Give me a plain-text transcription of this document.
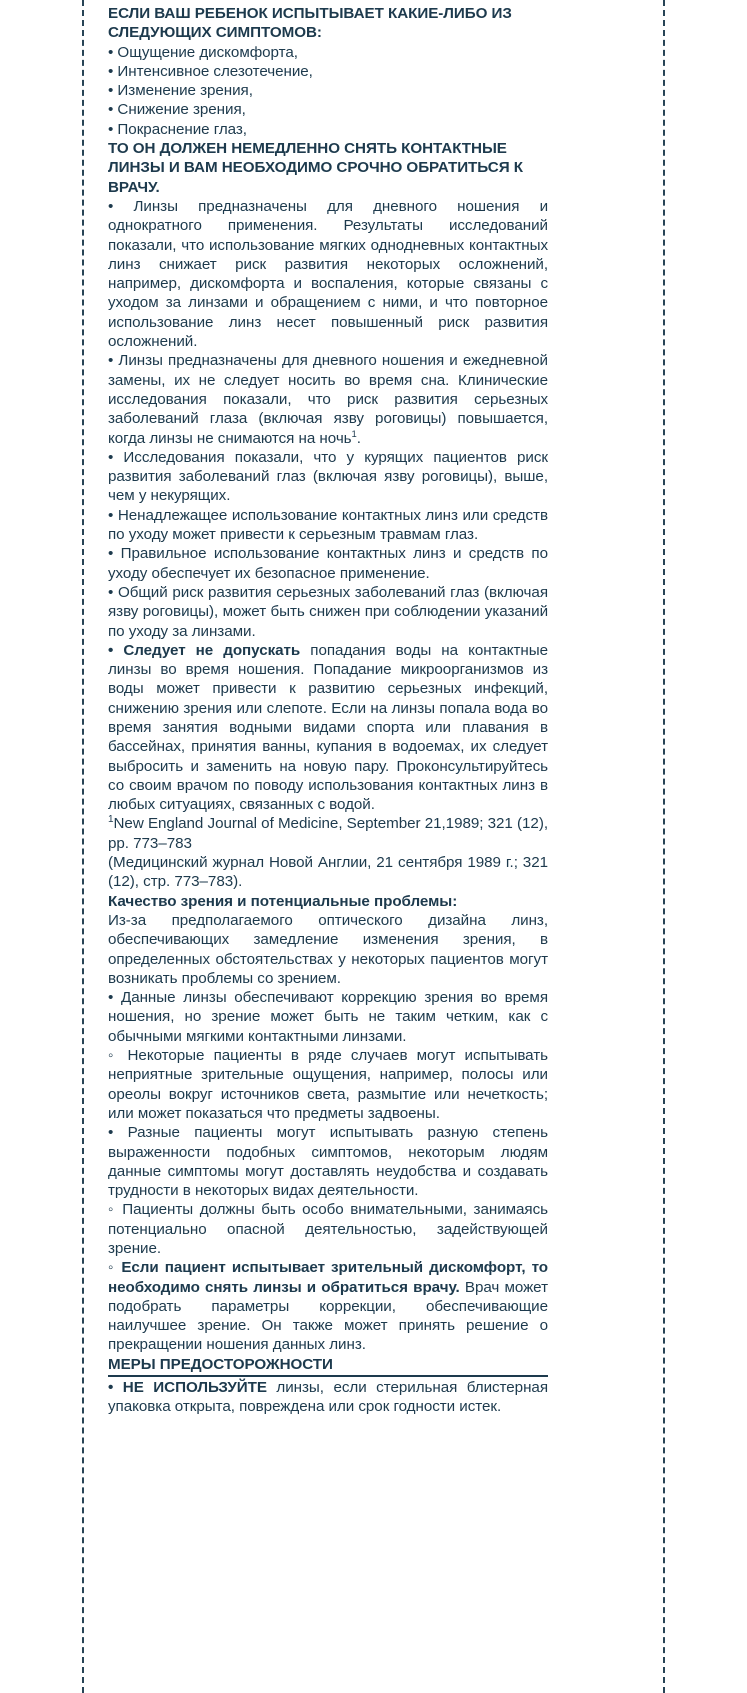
ЕСЛИ ВАШ РЕБЕНОК ИСПЫТЫВАЕТ КАКИЕ-ЛИБО ИЗ СЛЕДУЮЩИХ СИМПТОМОВ:

• Ощущение дискомфорта,

• Интенсивное слезотечение,

• Изменение зрения,

• Снижение зрения,

• Покраснение глаз,

ТО ОН ДОЛЖЕН НЕМЕДЛЕННО СНЯТЬ КОНТАКТНЫЕ ЛИНЗЫ И ВАМ НЕОБХОДИМО СРОЧНО ОБРАТИТЬСЯ К ВРАЧУ.

• Линзы предназначены для дневного ношения и однократного применения. Результаты исследований показали, что использование мягких однодневных контактных линз снижает риск развития некоторых осложнений, например, дискомфорта и воспаления, которые связаны с уходом за линзами и обращением с ними, и что повторное использование линз несет повышенный риск развития осложнений.

• Линзы предназначены для дневного ношения и ежедневной замены, их не следует носить во время сна. Клинические исследования показали, что риск развития серьезных заболеваний глаза (включая язву роговицы) повышается, когда линзы не снимаются на ночь$^1$.

• Исследования показали, что у курящих пациентов риск развития заболеваний глаз (включая язву роговицы), выше, чем у некурящих.

• Ненадлежащее использование контактных линз или средств по уходу может привести к серьезным травмам глаз.

• Правильное использование контактных линз и средств по уходу обеспечует их безопасное применение.

• Общий риск развития серьезных заболеваний глаз (включая язву роговицы), может быть снижен при соблюдении указаний по уходу за линзами.

• Следует не допускать попадания воды на контактные линзы во время ношения. Попадание микроорганизмов из воды может привести к развитию серьезных инфекций, снижению зрения или слепоте. Если на линзы попала вода во время занятия водными видами спорта или плавания в бассейнах, принятия ванны, купания в водоемах, их следует выбросить и заменить на новую пару. Проконсультируйтесь со своим врачом по поводу использования контактных линз в любых ситуациях, связанных с водой.

$^1$New England Journal of Medicine, September 21,1989; 321 (12), pp. 773–783

(Медицинский журнал Новой Англии, 21 сентября 1989 г.; 321 (12), стр. 773–783).

Качество зрения и потенциальные проблемы:

Из-за предполагаемого оптического дизайна линз, обеспечивающих замедление изменения зрения, в определенных обстоятельствах у некоторых пациентов могут возникать проблемы со зрением.

• Данные линзы обеспечивают коррекцию зрения во время ношения, но зрение может быть не таким четким, как с обычными мягкими контактными линзами.

◦ Некоторые пациенты в ряде случаев могут испытывать неприятные зрительные ощущения, например, полосы или ореолы вокруг источников света, размытие или нечеткость; или может показаться что предметы задвоены.

• Разные пациенты могут испытывать разную степень выраженности подобных симптомов, некоторым людям данные симптомы могут доставлять неудобства и создавать трудности в некоторых видах деятельности.

◦ Пациенты должны быть особо внимательными, занимаясь потенциально опасной деятельностью, задействующей зрение.

◦ Если пациент испытывает зрительный дискомфорт, то необходимо снять линзы и обратиться врачу. Врач может подобрать параметры коррекции, обеспечивающие наилучшее зрение. Он также может принять решение о прекращении ношения данных линз.

МЕРЫ ПРЕДОСТОРОЖНОСТИ

• НЕ ИСПОЛЬЗУЙТЕ линзы, если стерильная блистерная упаковка открыта, повреждена или срок годности истек.
